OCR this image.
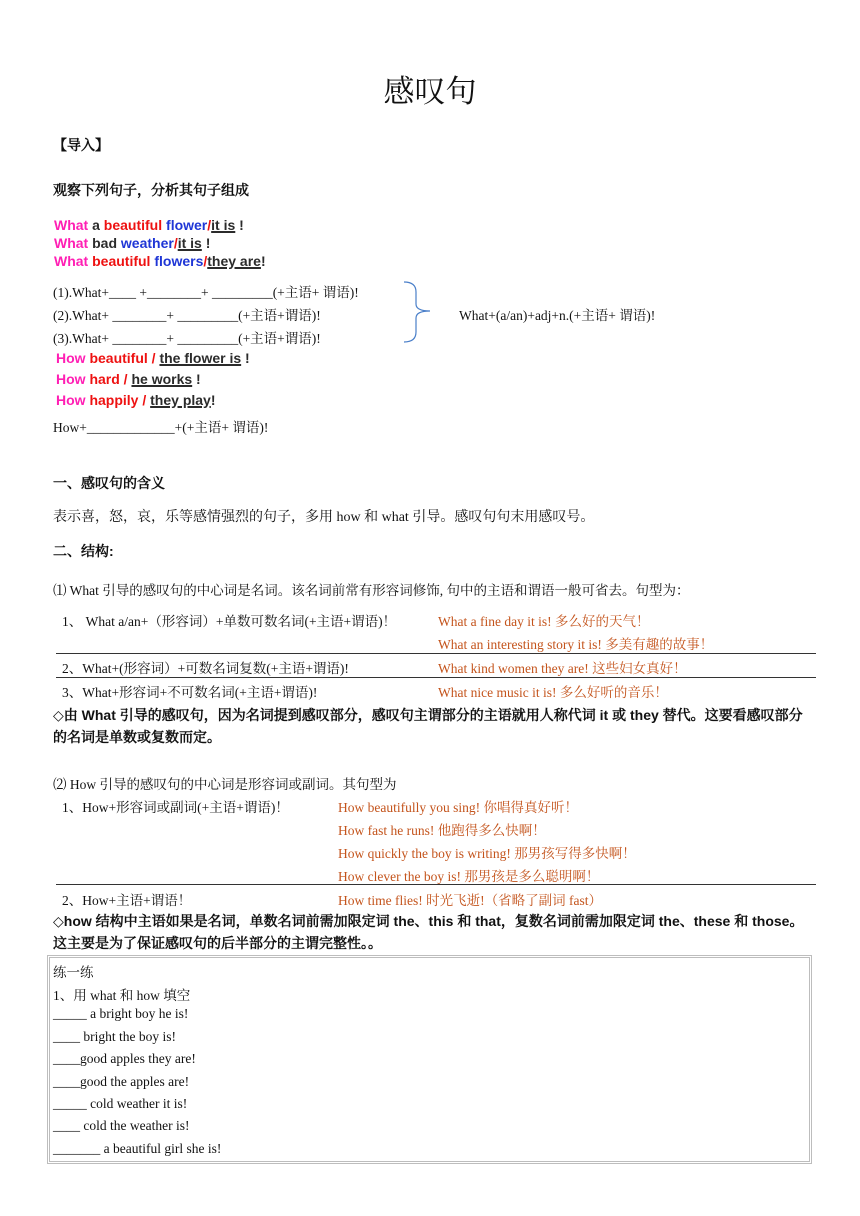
感叹句
【导入】
观察下列句子，分析其句子组成
What a beautiful flower/it is !
What bad weather/it is !
What beautiful flowers/they are!
(1).What+____ +________+ _________(+主语+ 谓语)!
(2).What+ ________+ _________(+主语+谓语)!
(3).What+ ________+ _________(+主语+谓语)!
What+(a/an)+adj+n.(+主语+ 谓语)!
How beautiful / the flower is !
How hard / he works !
How happily / they play!
How+_____________+(+主语+ 谓语)!
一、感叹句的含义
表示喜，怒，哀，乐等感情强烈的句子，多用 how 和 what 引导。感叹句句末用感叹号。
二、结构:
⑴ What 引导的感叹句的中心词是名词。该名词前常有形容词修饰, 句中的主语和谓语一般可省去。句型为：
1、 What a/an+（形容词）+单数可数名词(+主语+谓语)！	What a fine day it is! 多么好的天气！
What an interesting story it is! 多美有趣的故事！
2、What+(形容词）+可数名词复数(+主语+谓语)!	What kind women they are! 这些妇女真好！
3、What+形容词+不可数名词(+主语+谓语)!	What nice music it is! 多么好听的音乐！
◇由 What 引导的感叹句，因为名词提到感叹部分，感叹句主谓部分的主语就用人称代词 it 或 they 替代。这要看感叹部分的名词是单数或复数而定。
⑵ How 引导的感叹句的中心词是形容词或副词。其句型为
1、How+形容词或副词(+主语+谓语)！	How beautifully you sing! 你唱得真好听！
How fast he runs! 他跑得多么快啊！
How quickly the boy is writing! 那男孩写得多快啊！
How clever the boy is! 那男孩是多么聪明啊！
2、How+主语+谓语！	How time flies! 时光飞逝!（省略了副词 fast）
◇how 结构中主语如果是名词，单数名词前需加限定词 the、this 和 that，复数名词前需加限定词 the、these 和 those。 这主要是为了保证感叹句的后半部分的主谓完整性。。
练一练
1、用 what 和 how 填空
_____ a bright boy he is!
____ bright the boy is!
____good apples they are!
____good the apples are!
_____ cold weather it is!
____ cold the weather is!
_______ a beautiful girl she is!
